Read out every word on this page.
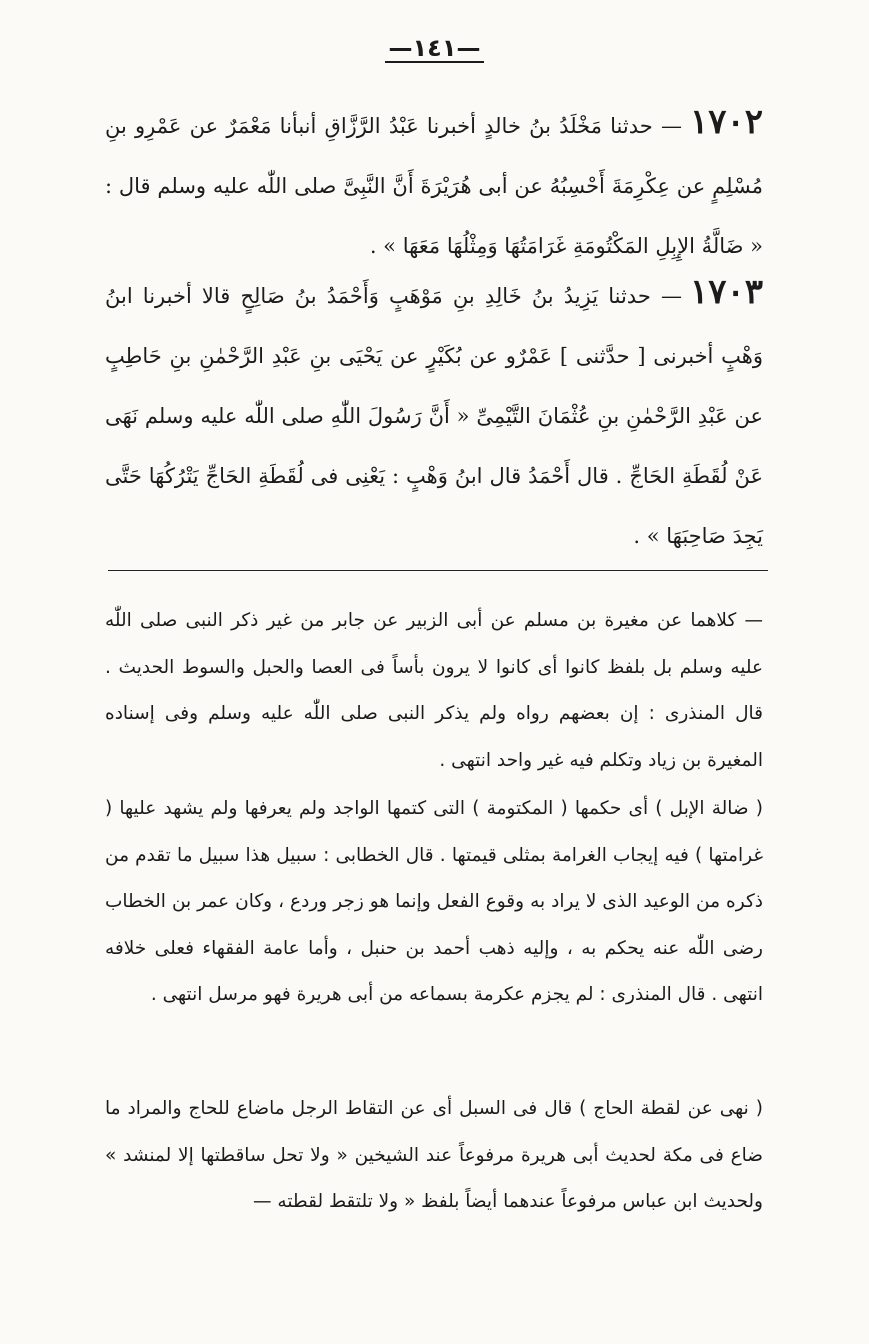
—١٤١—

١٧٠٢— حدثنا مَخْلَدُ بنُ خالدٍ أخبرنا عَبْدُ الرَّزَّاقِ أنبأنا مَعْمَرٌ عن عَمْرِو بنِ مُسْلِمٍ عن عِكْرِمَةَ أَحْسِبُهُ عن أبى هُرَيْرَةَ أَنَّ النَّبِىَّ صلى اللّٰه عليه وسلم قال : « ضَالَّةُ الإِبِلِ المَكْتُومَةِ غَرَامَتُهَا وَمِثْلُهَا مَعَهَا » .

١٧٠٣— حدثنا يَزِيدُ بنُ خَالِدِ بنِ مَوْهَبٍ وَأَحْمَدُ بنُ صَالِحٍ قالا أخبرنا ابنُ وَهْبٍ أخبرنى [ حدَّثنى ] عَمْرٌو عن بُكَيْرٍ عن يَحْيَى بنِ عَبْدِ الرَّحْمٰنِ بنِ حَاطِبٍ عن عَبْدِ الرَّحْمٰنِ بنِ عُثْمَانَ التَّيْمِىِّ « أَنَّ رَسُولَ اللّٰهِ صلى اللّٰه عليه وسلم نَهَى عَنْ لُقَطَةِ الحَاجِّ . قال أَحْمَدُ قال ابنُ وَهْبٍ : يَعْنِى فى لُقَطَةِ الحَاجِّ يَتْرُكُهَا حَتَّى يَجِدَ صَاحِبَهَا » .

— كلاهما عن مغيرة بن مسلم عن أبى الزبير عن جابر من غير ذكر النبى صلى اللّٰه عليه وسلم بل بلفظ كانوا أى كانوا لا يرون بأساً فى العصا والحبل والسوط الحديث . قال المنذرى : إن بعضهم رواه ولم يذكر النبى صلى اللّٰه عليه وسلم وفى إسناده المغيرة بن زياد وتكلم فيه غير واحد انتهى .

( ضالة الإبل ) أى حكمها ( المكتومة ) التى كتمها الواجد ولم يعرفها ولم يشهد عليها ( غرامتها ) فيه إيجاب الغرامة بمثلى قيمتها . قال الخطابى : سبيل هذا سبيل ما تقدم من ذكره من الوعيد الذى لا يراد به وقوع الفعل وإنما هو زجر وردع ، وكان عمر بن الخطاب رضى اللّٰه عنه يحكم به ، وإليه ذهب أحمد بن حنبل ، وأما عامة الفقهاء فعلى خلافه انتهى . قال المنذرى : لم يجزم عكرمة بسماعه من أبى هريرة فهو مرسل انتهى .

( نهى عن لقطة الحاج ) قال فى السبل أى عن التقاط الرجل ماضاع للحاج والمراد ما ضاع فى مكة لحديث أبى هريرة مرفوعاً عند الشيخين « ولا تحل ساقطتها إلا لمنشد » ولحديث ابن عباس مرفوعاً عندهما أيضاً بلفظ « ولا تلتقط لقطته —
